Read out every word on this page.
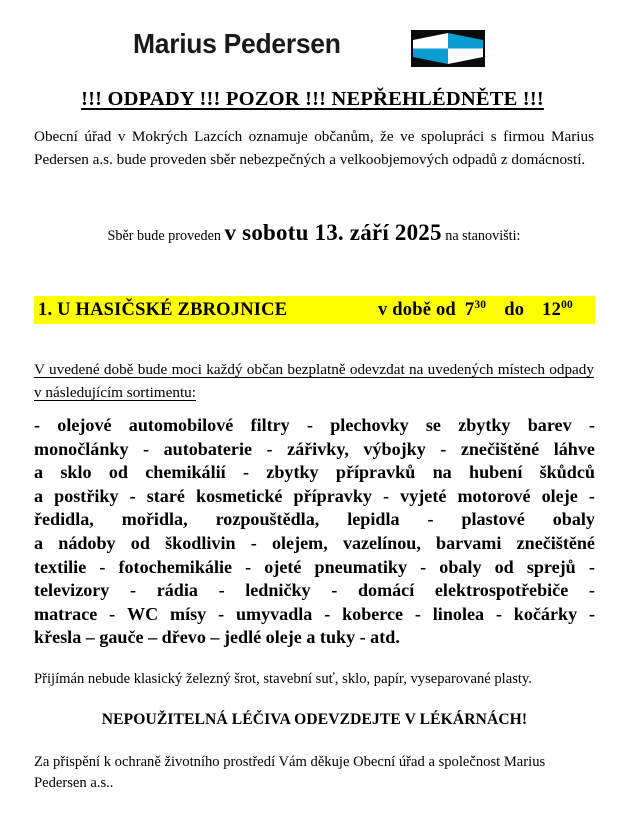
Marius Pedersen
!!! ODPADY !!! POZOR !!! NEPŘEHLÉDNĚTE !!!
Obecní úřad v Mokrých Lazcích oznamuje občanům, že ve spolupráci s firmou Marius Pedersen a.s. bude proveden sběr nebezpečných a velkoobjemových odpadů z domácností.
Sběr bude proveden v sobotu 13. září 2025 na stanovišti:
1. U HASIČSKÉ ZBROJNICE	v době od $7^{30}$ do $12^{00}$
V uvedené době bude moci každý občan bezplatně odevzdat na uvedených místech odpady v následujícím sortimentu:
- olejové automobilové filtry - plechovky se zbytky barev -
monočlánky - autobaterie - zářivky, výbojky - znečištěné láhve
a sklo od chemikálií - zbytky přípravků na hubení škůdců
a postřiky - staré kosmetické přípravky - vyjeté motorové oleje -
ředidla, mořidla, rozpouštědla, lepidla - plastové obaly
a nádoby od škodlivin - olejem, vazelínou, barvami znečištěné
textilie - fotochemikálie - ojeté pneumatiky - obaly od sprejů -
televizory - rádia - ledničky - domácí elektrospotřebiče -
matrace - WC mísy - umyvadla - koberce - linolea - kočárky -
křesla – gauče – dřevo – jedlé oleje a tuky - atd.
Přijímán nebude klasický železný šrot, stavební suť, sklo, papír, vyseparované plasty.
NEPOUŽITELNÁ LÉČIVA ODEVZDEJTE V LÉKÁRNÁCH!
Za přispění k ochraně životního prostředí Vám děkuje Obecní úřad a společnost Marius Pedersen a.s..
